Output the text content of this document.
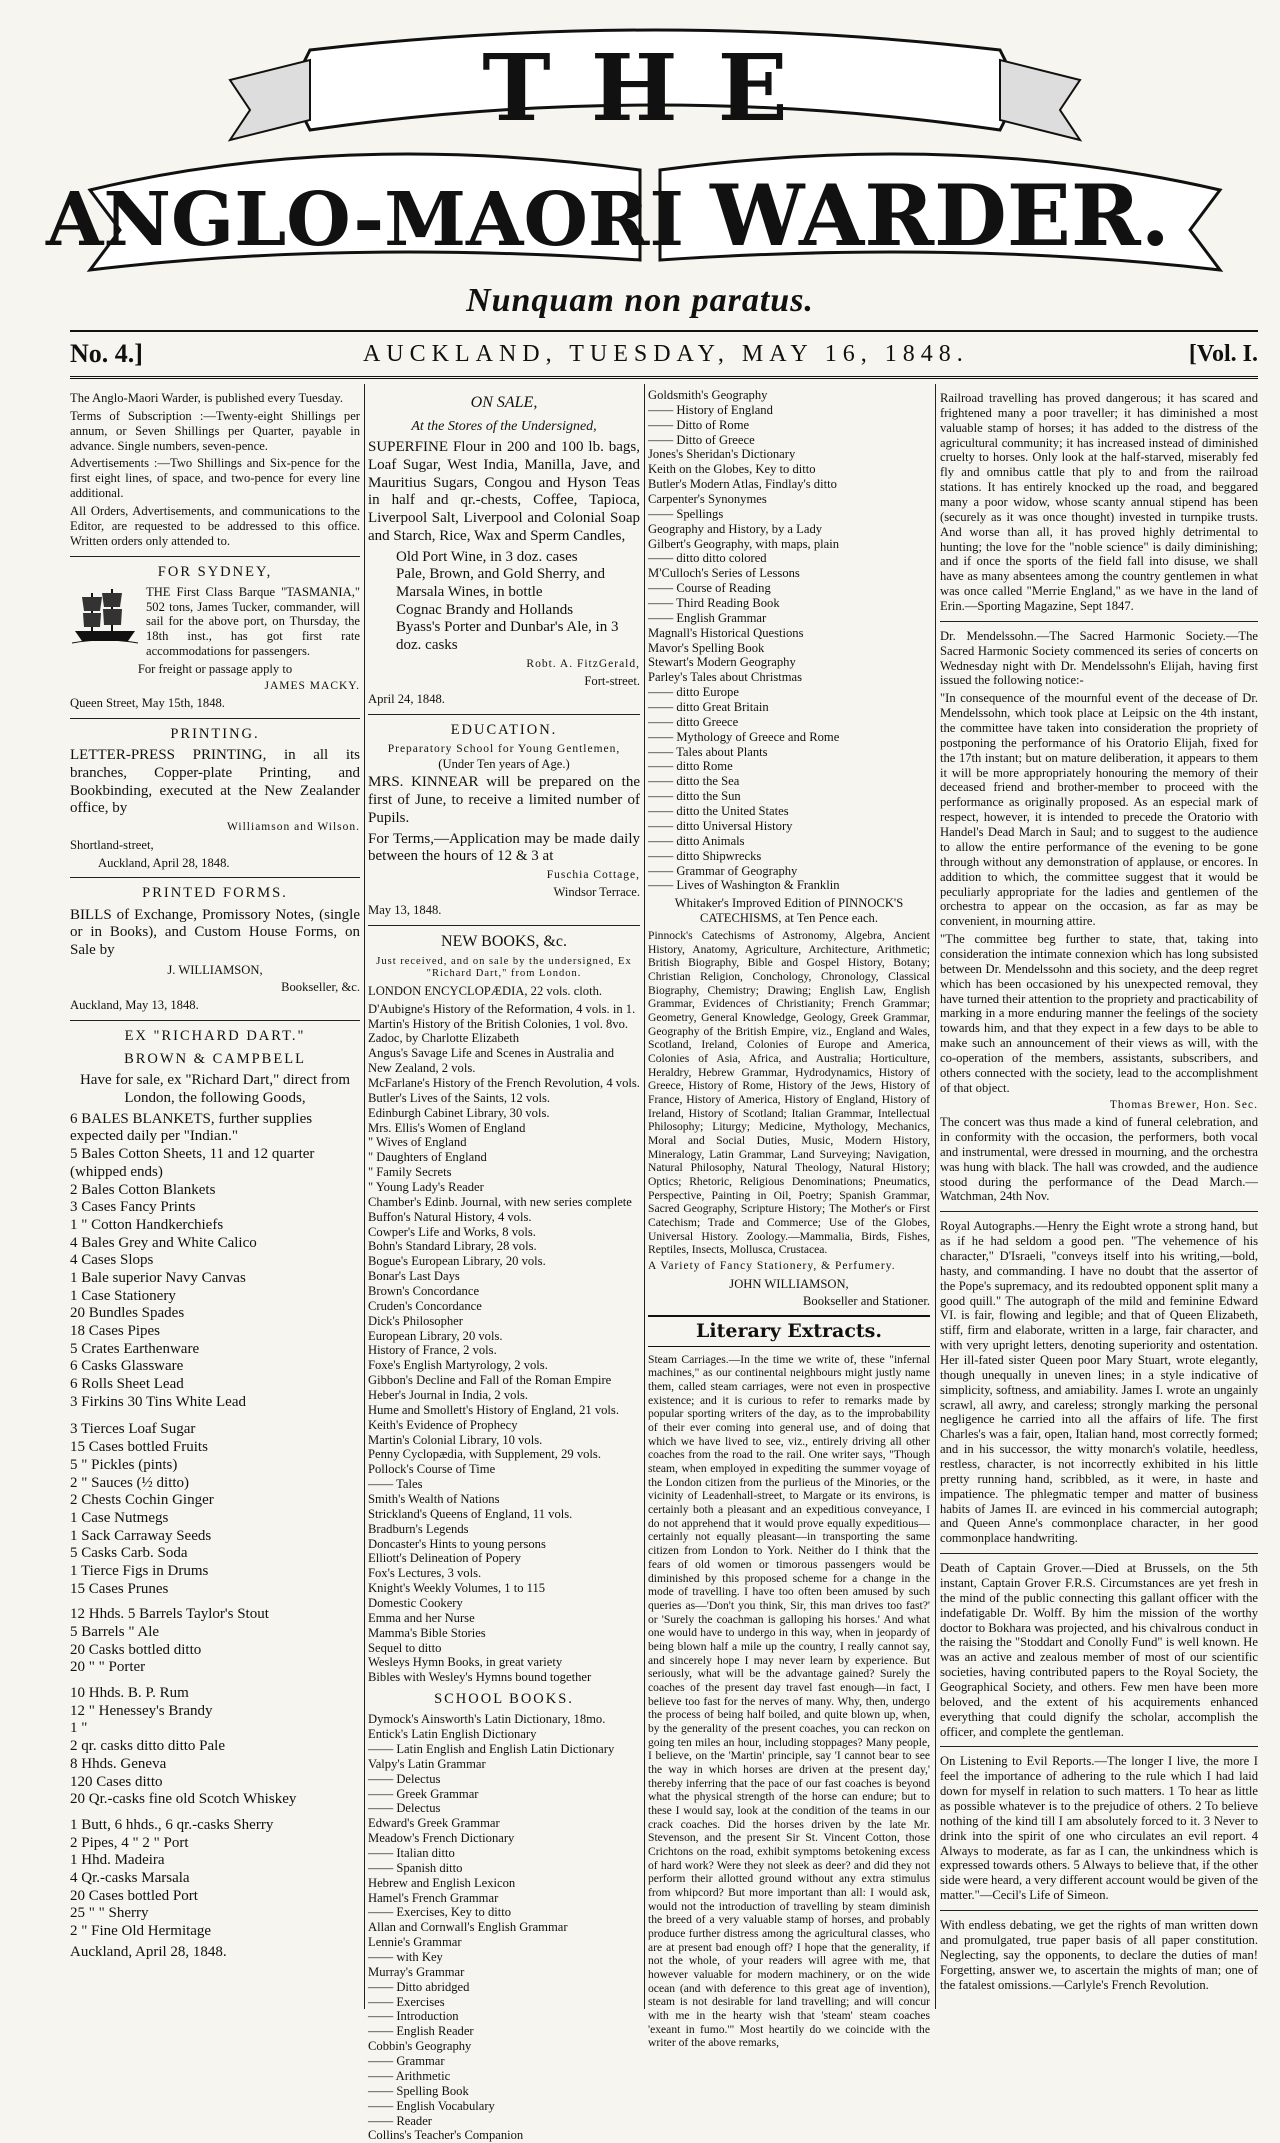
THE
ANGLO-MAORI WARDER.
Nunquam non paratus.
No. 4.]	AUCKLAND, TUESDAY, MAY 16, 1848.	[Vol. I.

The Anglo-Maori Warder, is published every Tuesday.

Terms of Subscription :—Twenty-eight Shillings per annum, or Seven Shillings per Quarter, payable in advance. Single numbers, seven-pence.

Advertisements :—Two Shillings and Six-pence for the first eight lines, of space, and two-pence for every line additional.

All Orders, Advertisements, and communications to the Editor, are requested to be addressed to this office. Written orders only attended to.

FOR SYDNEY,

THE First Class Barque "TASMANIA," 502 tons, James Tucker, commander, will sail for the above port, on Thursday, the 18th inst., has got first rate accommodations for passengers.

For freight or passage apply to

JAMES MACKY.

Queen Street, May 15th, 1848.

PRINTING.

LETTER-PRESS PRINTING, in all its branches, Copper-plate Printing, and Bookbinding, executed at the New Zealander office, by

Williamson and Wilson.

Shortland-street,

Auckland, April 28, 1848.

PRINTED FORMS.

BILLS of Exchange, Promissory Notes, (single or in Books), and Custom House Forms, on Sale by

J. WILLIAMSON,

Bookseller, &c.

Auckland, May 13, 1848.

EX "RICHARD DART."
BROWN & CAMPBELL

Have for sale, ex "Richard Dart," direct from London, the following Goods,

6 BALES BLANKETS, further supplies expected daily per "Indian."
5 Bales Cotton Sheets, 11 and 12 quarter (whipped ends)
2 Bales Cotton Blankets
3 Cases Fancy Prints
1 " Cotton Handkerchiefs
4 Bales Grey and White Calico
4 Cases Slops
1 Bale superior Navy Canvas
1 Case Stationery
20 Bundles Spades
18 Cases Pipes
5 Crates Earthenware
6 Casks Glassware
6 Rolls Sheet Lead
3 Firkins 30 Tins White Lead
3 Tierces Loaf Sugar
15 Cases bottled Fruits
5 " Pickles (pints)
2 " Sauces (½ ditto)
2 Chests Cochin Ginger
1 Case Nutmegs
1 Sack Carraway Seeds
5 Casks Carb. Soda
1 Tierce Figs in Drums
15 Cases Prunes
12 Hhds. 5 Barrels Taylor's Stout
5 Barrels " Ale
20 Casks bottled ditto
20 " " Porter
10 Hhds. B. P. Rum
12 " Henessey's Brandy
1 "
2 qr. casks ditto ditto Pale
8 Hhds. Geneva
120 Cases ditto
20 Qr.-casks fine old Scotch Whiskey
1 Butt, 6 hhds., 6 qr.-casks Sherry
2 Pipes, 4 " 2 " Port
1 Hhd. Madeira
4 Qr.-casks Marsala
20 Cases bottled Port
25 " " Sherry
2 " Fine Old Hermitage

Auckland, April 28, 1848.

ON SALE,
At the Stores of the Undersigned,

SUPERFINE Flour in 200 and 100 lb. bags, Loaf Sugar, West India, Manilla, Jave, and Mauritius Sugars, Congou and Hyson Teas in half and qr.-chests, Coffee, Tapioca, Liverpool Salt, Liverpool and Colonial Soap and Starch, Rice, Wax and Sperm Candles,

Old Port Wine, in 3 doz. cases
Pale, Brown, and Gold Sherry, and Marsala Wines, in bottle
Cognac Brandy and Hollands
Byass's Porter and Dunbar's Ale, in 3 doz. casks

Robt. A. FitzGerald,

Fort-street.

April 24, 1848.

EDUCATION.
Preparatory School for Young Gentlemen,
(Under Ten years of Age.)

MRS. KINNEAR will be prepared on the first of June, to receive a limited number of Pupils.

For Terms,—Application may be made daily between the hours of 12 & 3 at

Fuschia Cottage,

Windsor Terrace.

May 13, 1848.

NEW BOOKS, &c.

Just received, and on sale by the undersigned, Ex "Richard Dart," from London.

LONDON ENCYCLOPÆDIA, 22 vols. cloth.

D'Aubigne's History of the Reformation, 4 vols. in 1.
Martin's History of the British Colonies, 1 vol. 8vo.
Zadoc, by Charlotte Elizabeth
Angus's Savage Life and Scenes in Australia and New Zealand, 2 vols.
McFarlane's History of the French Revolution, 4 vols.
Butler's Lives of the Saints, 12 vols.
Edinburgh Cabinet Library, 30 vols.
Mrs. Ellis's Women of England
" Wives of England
" Daughters of England
" Family Secrets
" Young Lady's Reader
Chamber's Edinb. Journal, with new series complete
Buffon's Natural History, 4 vols.
Cowper's Life and Works, 8 vols.
Bohn's Standard Library, 28 vols.
Bogue's European Library, 20 vols.
Bonar's Last Days
Brown's Concordance
Cruden's Concordance
Dick's Philosopher
European Library, 20 vols.
History of France, 2 vols.
Foxe's English Martyrology, 2 vols.
Gibbon's Decline and Fall of the Roman Empire
Heber's Journal in India, 2 vols.
Hume and Smollett's History of England, 21 vols.
Keith's Evidence of Prophecy
Martin's Colonial Library, 10 vols.
Penny Cyclopædia, with Supplement, 29 vols.
Pollock's Course of Time
—— Tales
Smith's Wealth of Nations
Strickland's Queens of England, 11 vols.
Bradburn's Legends
Doncaster's Hints to young persons
Elliott's Delineation of Popery
Fox's Lectures, 3 vols.
Knight's Weekly Volumes, 1 to 115
Domestic Cookery
Emma and her Nurse
Mamma's Bible Stories
Sequel to ditto
Wesleys Hymn Books, in great variety
Bibles with Wesley's Hymns bound together
SCHOOL BOOKS.
Dymock's Ainsworth's Latin Dictionary, 18mo.
Entick's Latin English Dictionary
—— Latin English and English Latin Dictionary
Valpy's Latin Grammar
—— Delectus
—— Greek Grammar
—— Delectus
Edward's Greek Grammar
Meadow's French Dictionary
—— Italian ditto
—— Spanish ditto
Hebrew and English Lexicon
Hamel's French Grammar
—— Exercises, Key to ditto
Allan and Cornwall's English Grammar
Lennie's Grammar
—— with Key
Murray's Grammar
—— Ditto abridged
—— Exercises
—— Introduction
—— English Reader
Cobbin's Geography
—— Grammar
—— Arithmetic
—— Spelling Book
—— English Vocabulary
—— Reader
Collins's Teacher's Companion
Goldsmith's Geography
—— History of England
—— Ditto of Rome
—— Ditto of Greece
Jones's Sheridan's Dictionary
Keith on the Globes, Key to ditto
Butler's Modern Atlas, Findlay's ditto
Carpenter's Synonymes
—— Spellings
Geography and History, by a Lady
Gilbert's Geography, with maps, plain
—— ditto ditto colored
M'Culloch's Series of Lessons
—— Course of Reading
—— Third Reading Book
—— English Grammar
Magnall's Historical Questions
Mavor's Spelling Book
Stewart's Modern Geography
Parley's Tales about Christmas
—— ditto Europe
—— ditto Great Britain
—— ditto Greece
—— Mythology of Greece and Rome
—— Tales about Plants
—— ditto Rome
—— ditto the Sea
—— ditto the Sun
—— ditto the United States
—— ditto Universal History
—— ditto Animals
—— ditto Shipwrecks
—— Grammar of Geography
—— Lives of Washington & Franklin

Whitaker's Improved Edition of PINNOCK'S CATECHISMS, at Ten Pence each.

Pinnock's Catechisms of Astronomy, Algebra, Ancient History, Anatomy, Agriculture, Architecture, Arithmetic; British Biography, Bible and Gospel History, Botany; Christian Religion, Conchology, Chronology, Classical Biography, Chemistry; Drawing; English Law, English Grammar, Evidences of Christianity; French Grammar; Geometry, General Knowledge, Geology, Greek Grammar, Geography of the British Empire, viz., England and Wales, Scotland, Ireland, Colonies of Europe and America, Colonies of Asia, Africa, and Australia; Horticulture, Heraldry, Hebrew Grammar, Hydrodynamics, History of Greece, History of Rome, History of the Jews, History of France, History of America, History of England, History of Ireland, History of Scotland; Italian Grammar, Intellectual Philosophy; Liturgy; Medicine, Mythology, Mechanics, Moral and Social Duties, Music, Modern History, Mineralogy, Latin Grammar, Land Surveying; Navigation, Natural Philosophy, Natural Theology, Natural History; Optics; Rhetoric, Religious Denominations; Pneumatics, Perspective, Painting in Oil, Poetry; Spanish Grammar, Sacred Geography, Scripture History; The Mother's or First Catechism; Trade and Commerce; Use of the Globes, Universal History. Zoology.—Mammalia, Birds, Fishes, Reptiles, Insects, Mollusca, Crustacea.

A Variety of Fancy Stationery, & Perfumery.

JOHN WILLIAMSON,

Bookseller and Stationer.

Literary Extracts.

Steam Carriages.—In the time we write of, these "infernal machines," as our continental neighbours might justly name them, called steam carriages, were not even in prospective existence; and it is curious to refer to remarks made by popular sporting writers of the day, as to the improbability of their ever coming into general use, and of doing that which we have lived to see, viz., entirely driving all other coaches from the road to the rail. One writer says, "Though steam, when employed in expediting the summer voyage of the London citizen from the purlieus of the Minories, or the vicinity of Leadenhall-street, to Margate or its environs, is certainly both a pleasant and an expeditious conveyance, I do not apprehend that it would prove equally expeditious—certainly not equally pleasant—in transporting the same citizen from London to York. Neither do I think that the fears of old women or timorous passengers would be diminished by this proposed scheme for a change in the mode of travelling. I have too often been amused by such queries as—'Don't you think, Sir, this man drives too fast?' or 'Surely the coachman is galloping his horses.' And what one would have to undergo in this way, when in jeopardy of being blown half a mile up the country, I really cannot say, and sincerely hope I may never learn by experience. But seriously, what will be the advantage gained? Surely the coaches of the present day travel fast enough—in fact, I believe too fast for the nerves of many. Why, then, undergo the process of being half boiled, and quite blown up, when, by the generality of the present coaches, you can reckon on going ten miles an hour, including stoppages? Many people, I believe, on the 'Martin' principle, say 'I cannot bear to see the way in which horses are driven at the present day,' thereby inferring that the pace of our fast coaches is beyond what the physical strength of the horse can endure; but to these I would say, look at the condition of the teams in our crack coaches. Did the horses driven by the late Mr. Stevenson, and the present Sir St. Vincent Cotton, those Crichtons on the road, exhibit symptoms betokening excess of hard work? Were they not sleek as deer? and did they not perform their allotted ground without any extra stimulus from whipcord? But more important than all: I would ask, would not the introduction of travelling by steam diminish the breed of a very valuable stamp of horses, and probably produce further distress among the agricultural classes, who are at present bad enough off? I hope that the generality, if not the whole, of your readers will agree with me, that however valuable for modern machinery, or on the wide ocean (and with deference to this great age of invention), steam is not desirable for land travelling; and will concur with me in the hearty wish that 'steam' steam coaches 'exeant in fumo.'" Most heartily do we coincide with the writer of the above remarks,

Railroad travelling has proved dangerous; it has scared and frightened many a poor traveller; it has diminished a most valuable stamp of horses; it has added to the distress of the agricultural community; it has increased instead of diminished cruelty to horses. Only look at the half-starved, miserably fed fly and omnibus cattle that ply to and from the railroad stations. It has entirely knocked up the road, and beggared many a poor widow, whose scanty annual stipend has been (securely as it was once thought) invested in turnpike trusts. And worse than all, it has proved highly detrimental to hunting; the love for the "noble science" is daily diminishing; and if once the sports of the field fall into disuse, we shall have as many absentees among the country gentlemen in what was once called "Merrie England," as we have in the land of Erin.—Sporting Magazine, Sept 1847.

Dr. Mendelssohn.—The Sacred Harmonic Society.—The Sacred Harmonic Society commenced its series of concerts on Wednesday night with Dr. Mendelssohn's Elijah, having first issued the following notice:-

"In consequence of the mournful event of the decease of Dr. Mendelssohn, which took place at Leipsic on the 4th instant, the committee have taken into consideration the propriety of postponing the performance of his Oratorio Elijah, fixed for the 17th instant; but on mature deliberation, it appears to them it will be more appropriately honouring the memory of their deceased friend and brother-member to proceed with the performance as originally proposed. As an especial mark of respect, however, it is intended to precede the Oratorio with Handel's Dead March in Saul; and to suggest to the audience to allow the entire performance of the evening to be gone through without any demonstration of applause, or encores. In addition to which, the committee suggest that it would be peculiarly appropriate for the ladies and gentlemen of the orchestra to appear on the occasion, as far as may be convenient, in mourning attire.

"The committee beg further to state, that, taking into consideration the intimate connexion which has long subsisted between Dr. Mendelssohn and this society, and the deep regret which has been occasioned by his unexpected removal, they have turned their attention to the propriety and practicability of marking in a more enduring manner the feelings of the society towards him, and that they expect in a few days to be able to make such an announcement of their views as will, with the co-operation of the members, assistants, subscribers, and others connected with the society, lead to the accomplishment of that object.

Thomas Brewer, Hon. Sec.

The concert was thus made a kind of funeral celebration, and in conformity with the occasion, the performers, both vocal and instrumental, were dressed in mourning, and the orchestra was hung with black. The hall was crowded, and the audience stood during the performance of the Dead March.—Watchman, 24th Nov.

Royal Autographs.—Henry the Eight wrote a strong hand, but as if he had seldom a good pen. "The vehemence of his character," D'Israeli, "conveys itself into his writing,—bold, hasty, and commanding. I have no doubt that the assertor of the Pope's supremacy, and its redoubted opponent split many a good quill." The autograph of the mild and feminine Edward VI. is fair, flowing and legible; and that of Queen Elizabeth, stiff, firm and elaborate, written in a large, fair character, and with very upright letters, denoting superiority and ostentation. Her ill-fated sister Queen poor Mary Stuart, wrote elegantly, though unequally in uneven lines; in a style indicative of simplicity, softness, and amiability. James I. wrote an ungainly scrawl, all awry, and careless; strongly marking the personal negligence he carried into all the affairs of life. The first Charles's was a fair, open, Italian hand, most correctly formed; and in his successor, the witty monarch's volatile, heedless, restless, character, is not incorrectly exhibited in his little pretty running hand, scribbled, as it were, in haste and impatience. The phlegmatic temper and matter of business habits of James II. are evinced in his commercial autograph; and Queen Anne's commonplace character, in her good commonplace handwriting.

Death of Captain Grover.—Died at Brussels, on the 5th instant, Captain Grover F.R.S. Circumstances are yet fresh in the mind of the public connecting this gallant officer with the indefatigable Dr. Wolff. By him the mission of the worthy doctor to Bokhara was projected, and his chivalrous conduct in the raising the "Stoddart and Conolly Fund" is well known. He was an active and zealous member of most of our scientific societies, having contributed papers to the Royal Society, the Geographical Society, and others. Few men have been more beloved, and the extent of his acquirements enhanced everything that could dignify the scholar, accomplish the officer, and complete the gentleman.

On Listening to Evil Reports.—The longer I live, the more I feel the importance of adhering to the rule which I had laid down for myself in relation to such matters. 1 To hear as little as possible whatever is to the prejudice of others. 2 To believe nothing of the kind till I am absolutely forced to it. 3 Never to drink into the spirit of one who circulates an evil report. 4 Always to moderate, as far as I can, the unkindness which is expressed towards others. 5 Always to believe that, if the other side were heard, a very different account would be given of the matter."—Cecil's Life of Simeon.

With endless debating, we get the rights of man written down and promulgated, true paper basis of all paper constitution. Neglecting, say the opponents, to declare the duties of man! Forgetting, answer we, to ascertain the mights of man; one of the fatalest omissions.—Carlyle's French Revolution.
